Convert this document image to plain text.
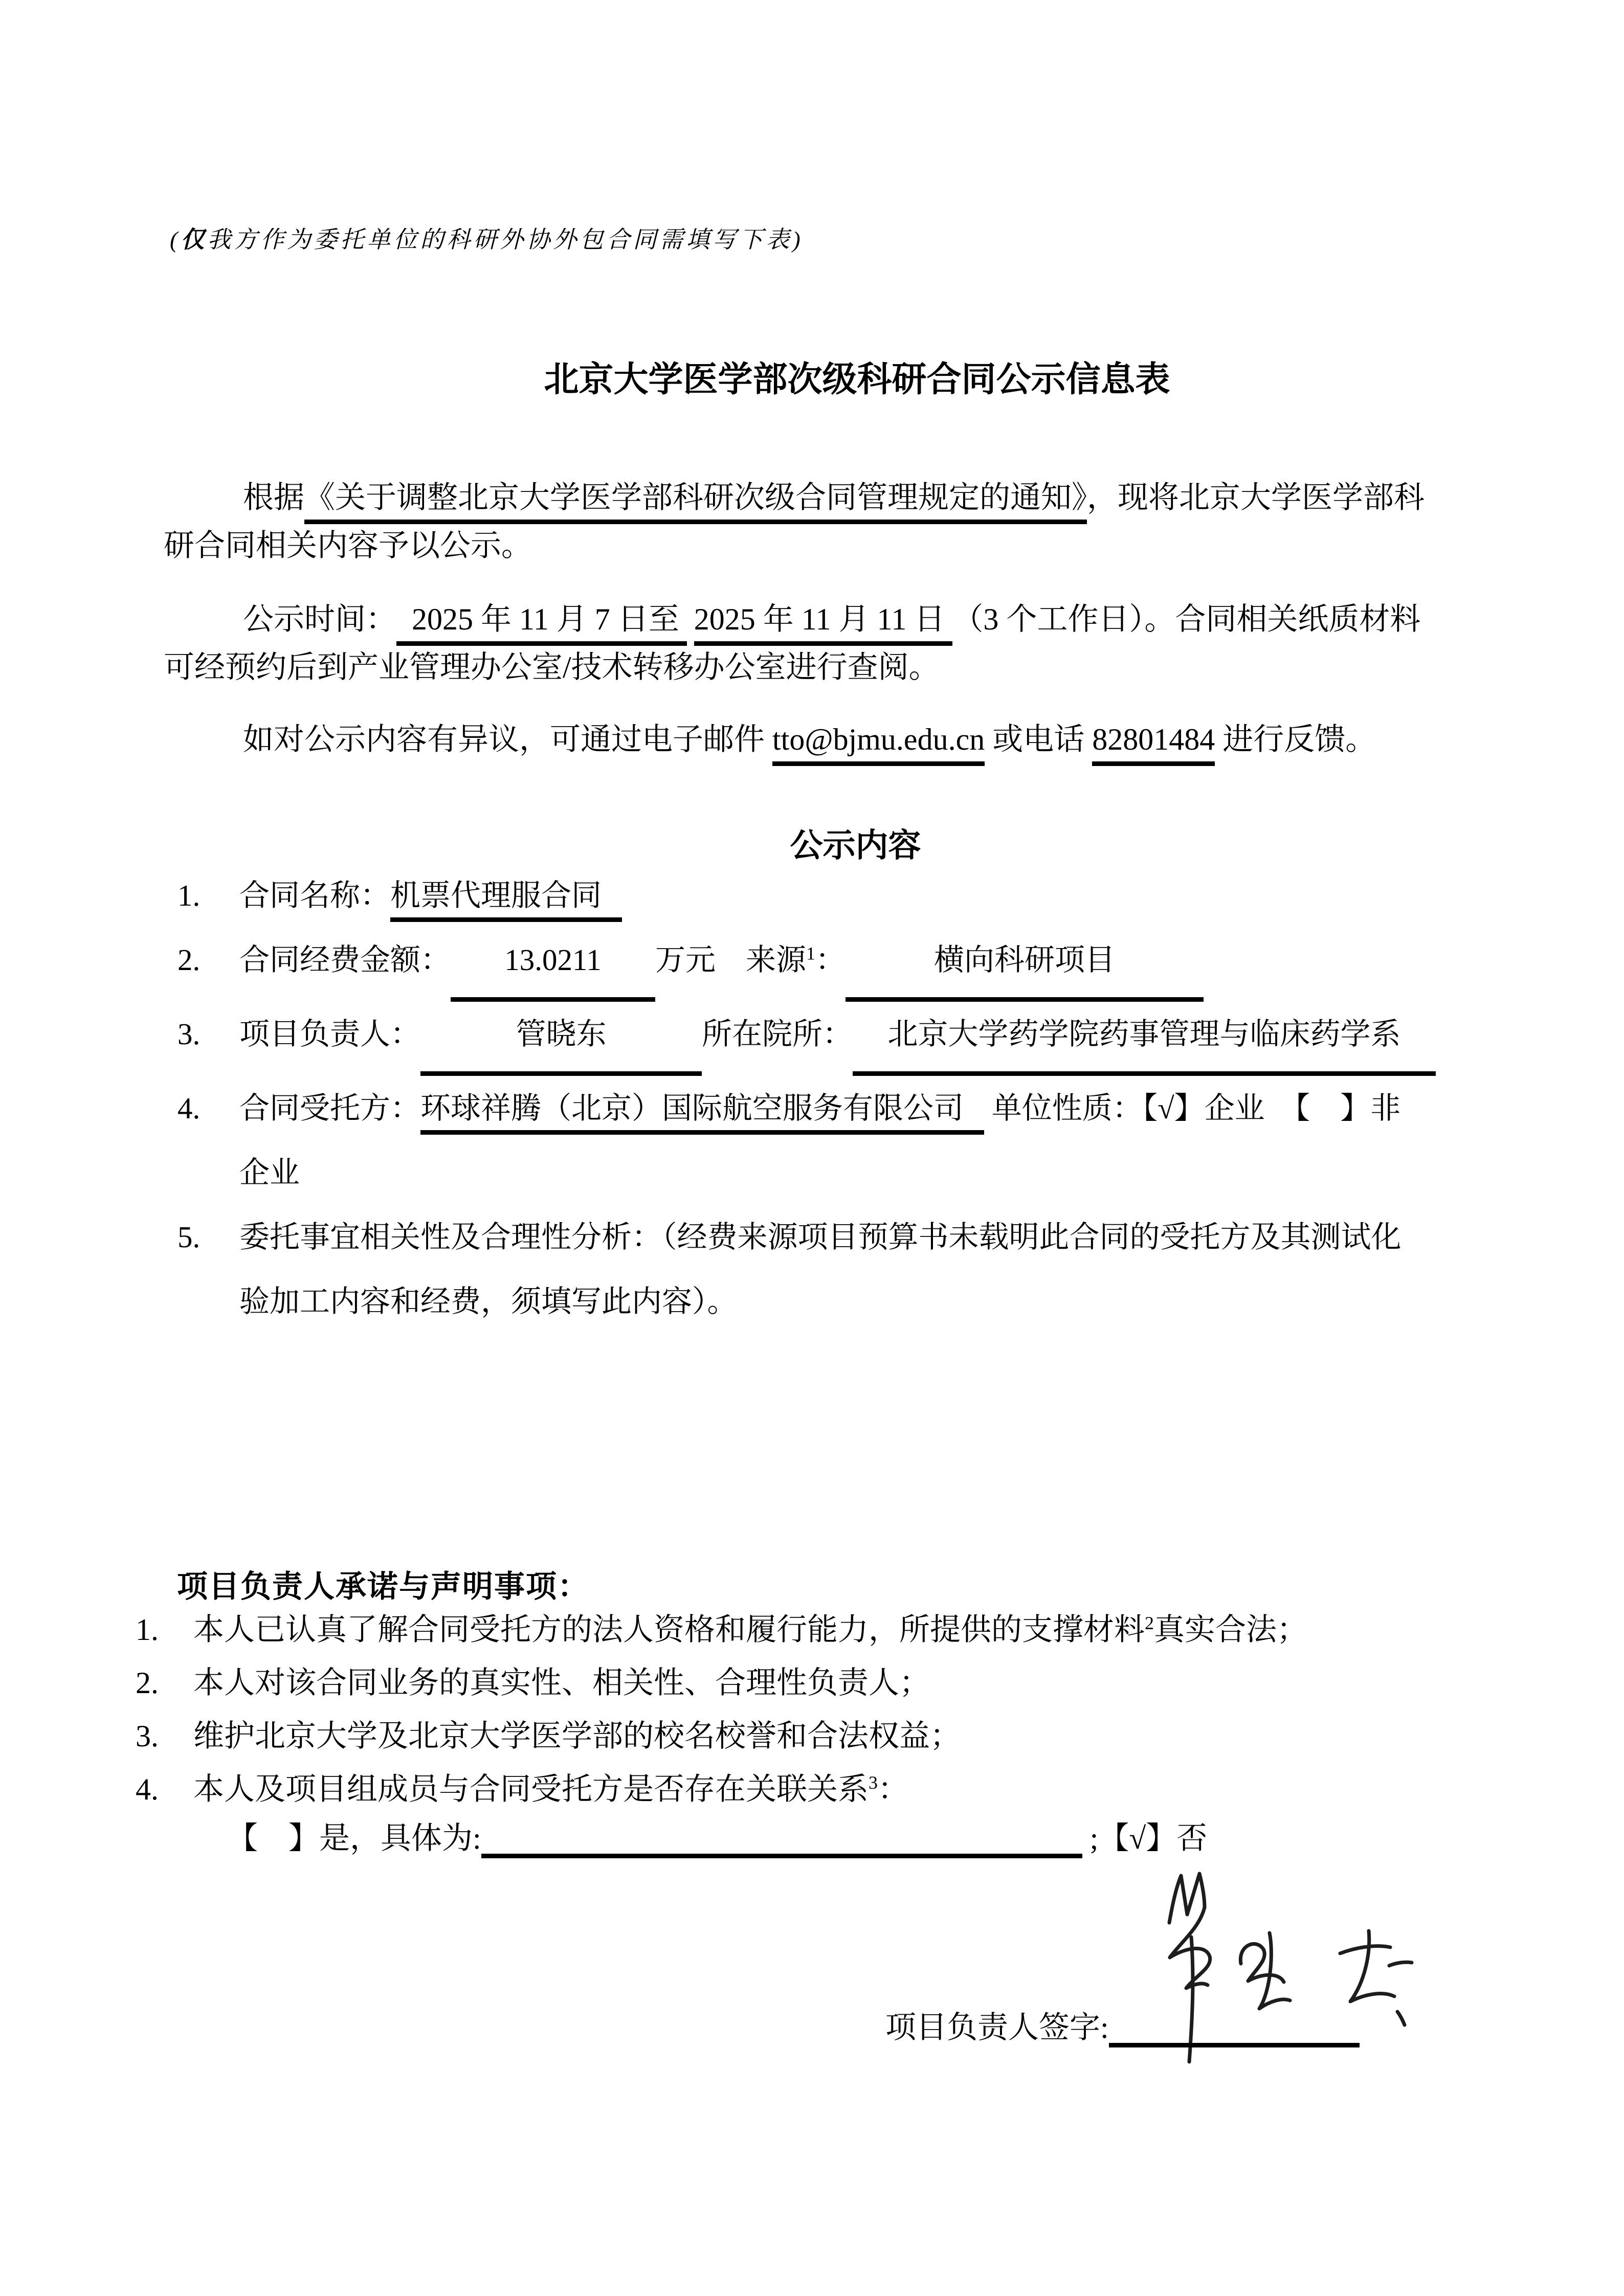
(仅我方作为委托单位的科研外协外包合同需填写下表)
北京大学医学部次级科研合同公示信息表
根据《关于调整北京大学医学部科研次级合同管理规定的通知》，现将北京大学医学部科
研合同相关内容予以公示。
公示时间：  2025 年 11 月 7 日至 2025 年 11 月 11 日 （3 个工作日）。合同相关纸质材料
可经预约后到产业管理办公室/技术转移办公室进行查阅。
如对公示内容有异议，可通过电子邮件 tto@bjmu.edu.cn 或电话 82801484 进行反馈。
公示内容
1. 合同名称：机票代理服合同
2. 合同经费金额： 13.0211 万元 来源$^1$：	横向科研项目
3. 项目负责人：	管晓东	所在院所： 北京大学药学院药事管理与临床药学系
4. 合同受托方：环球祥腾（北京）国际航空服务有限公司 单位性质：【√】企业　【　】非
企业
5. 委托事宜相关性及合理性分析：（经费来源项目预算书未载明此合同的受托方及其测试化
验加工内容和经费，须填写此内容）。
项目负责人承诺与声明事项：
1. 本人已认真了解合同受托方的法人资格和履行能力，所提供的支撑材料$^2$真实合法；
2. 本人对该合同业务的真实性、相关性、合理性负责人；
3. 维护北京大学及北京大学医学部的校名校誉和合法权益；
4. 本人及项目组成员与合同受托方是否存在关联关系$^3$：
【　】是，具体为:	;【√】否
项目负责人签字:
